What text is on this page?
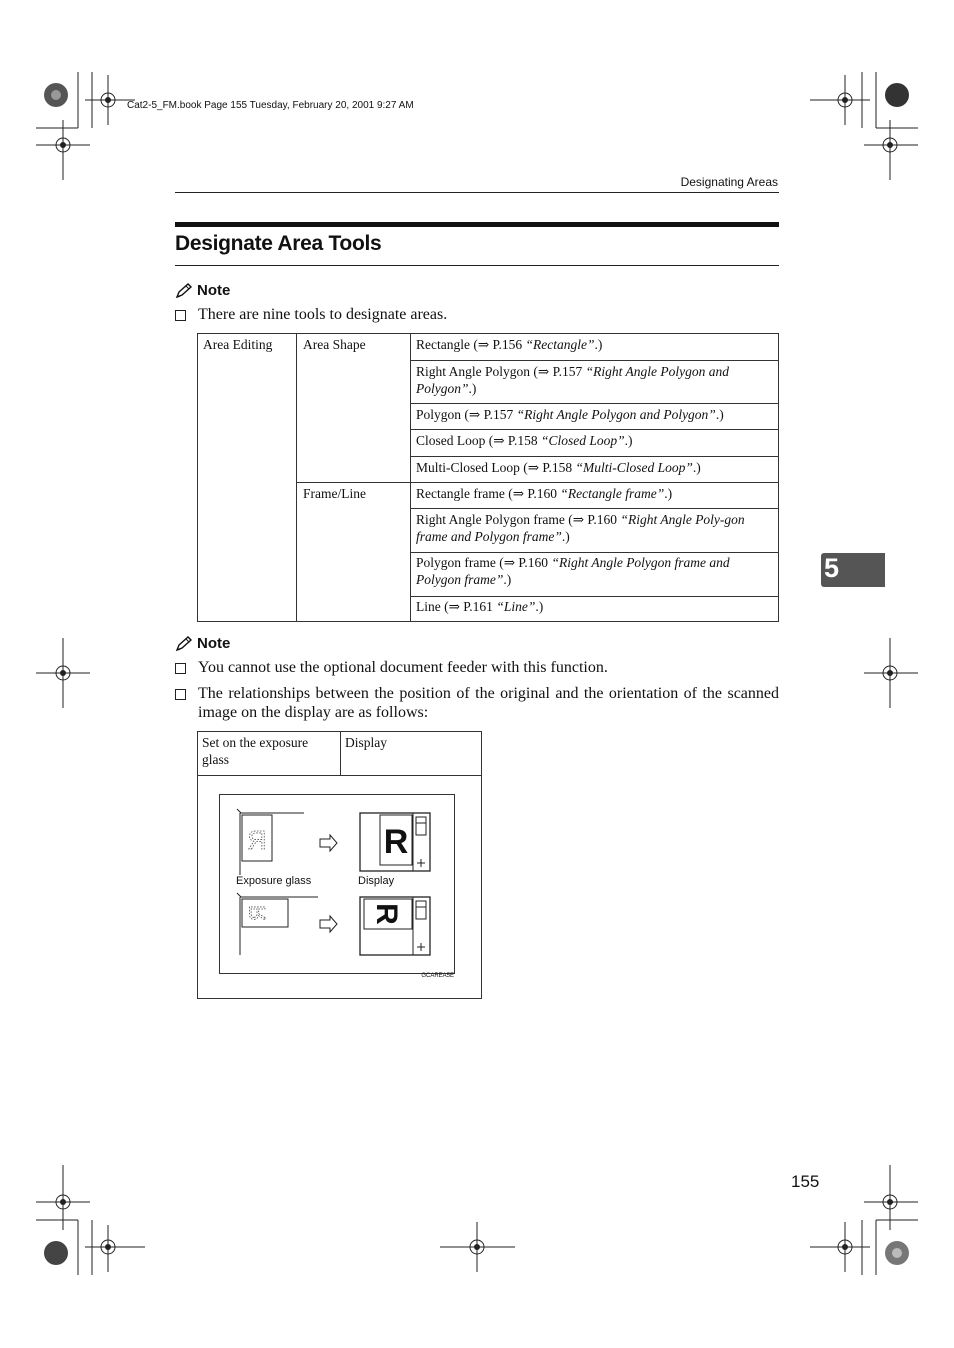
Cat2-5_FM.book Page 155 Tuesday, February 20, 2001 9:27 AM
Designating Areas
Designate Area Tools
Note
There are nine tools to designate areas.
Area Editing Area Shape
Frame/Line
Rectangle (⇒ P.156 “Rectangle”.)
Right Angle Polygon (⇒ P.157 “Right Angle Polygon and Polygon”.)
Polygon (⇒ P.157 “Right Angle Polygon and Polygon”.)
Closed Loop (⇒ P.158 “Closed Loop”.)
Multi-Closed Loop (⇒ P.158 “Multi-Closed Loop”.)
Rectangle frame (⇒ P.160 “Rectangle frame”.)
Right Angle Polygon frame (⇒ P.160 “Right Angle Poly-gon frame and Polygon frame”.)
Polygon frame (⇒ P.160 “Right Angle Polygon frame and Polygon frame”.)
Line (⇒ P.161 “Line”.)
Note
You cannot use the optional document feeder with this function.
The relationships between the position of the original and the orientation of the scanned image on the display are as follows:
Set on the exposure glass
Display
R
R
R
R
Exposure glass	Display
GCAREA5E
5
155
